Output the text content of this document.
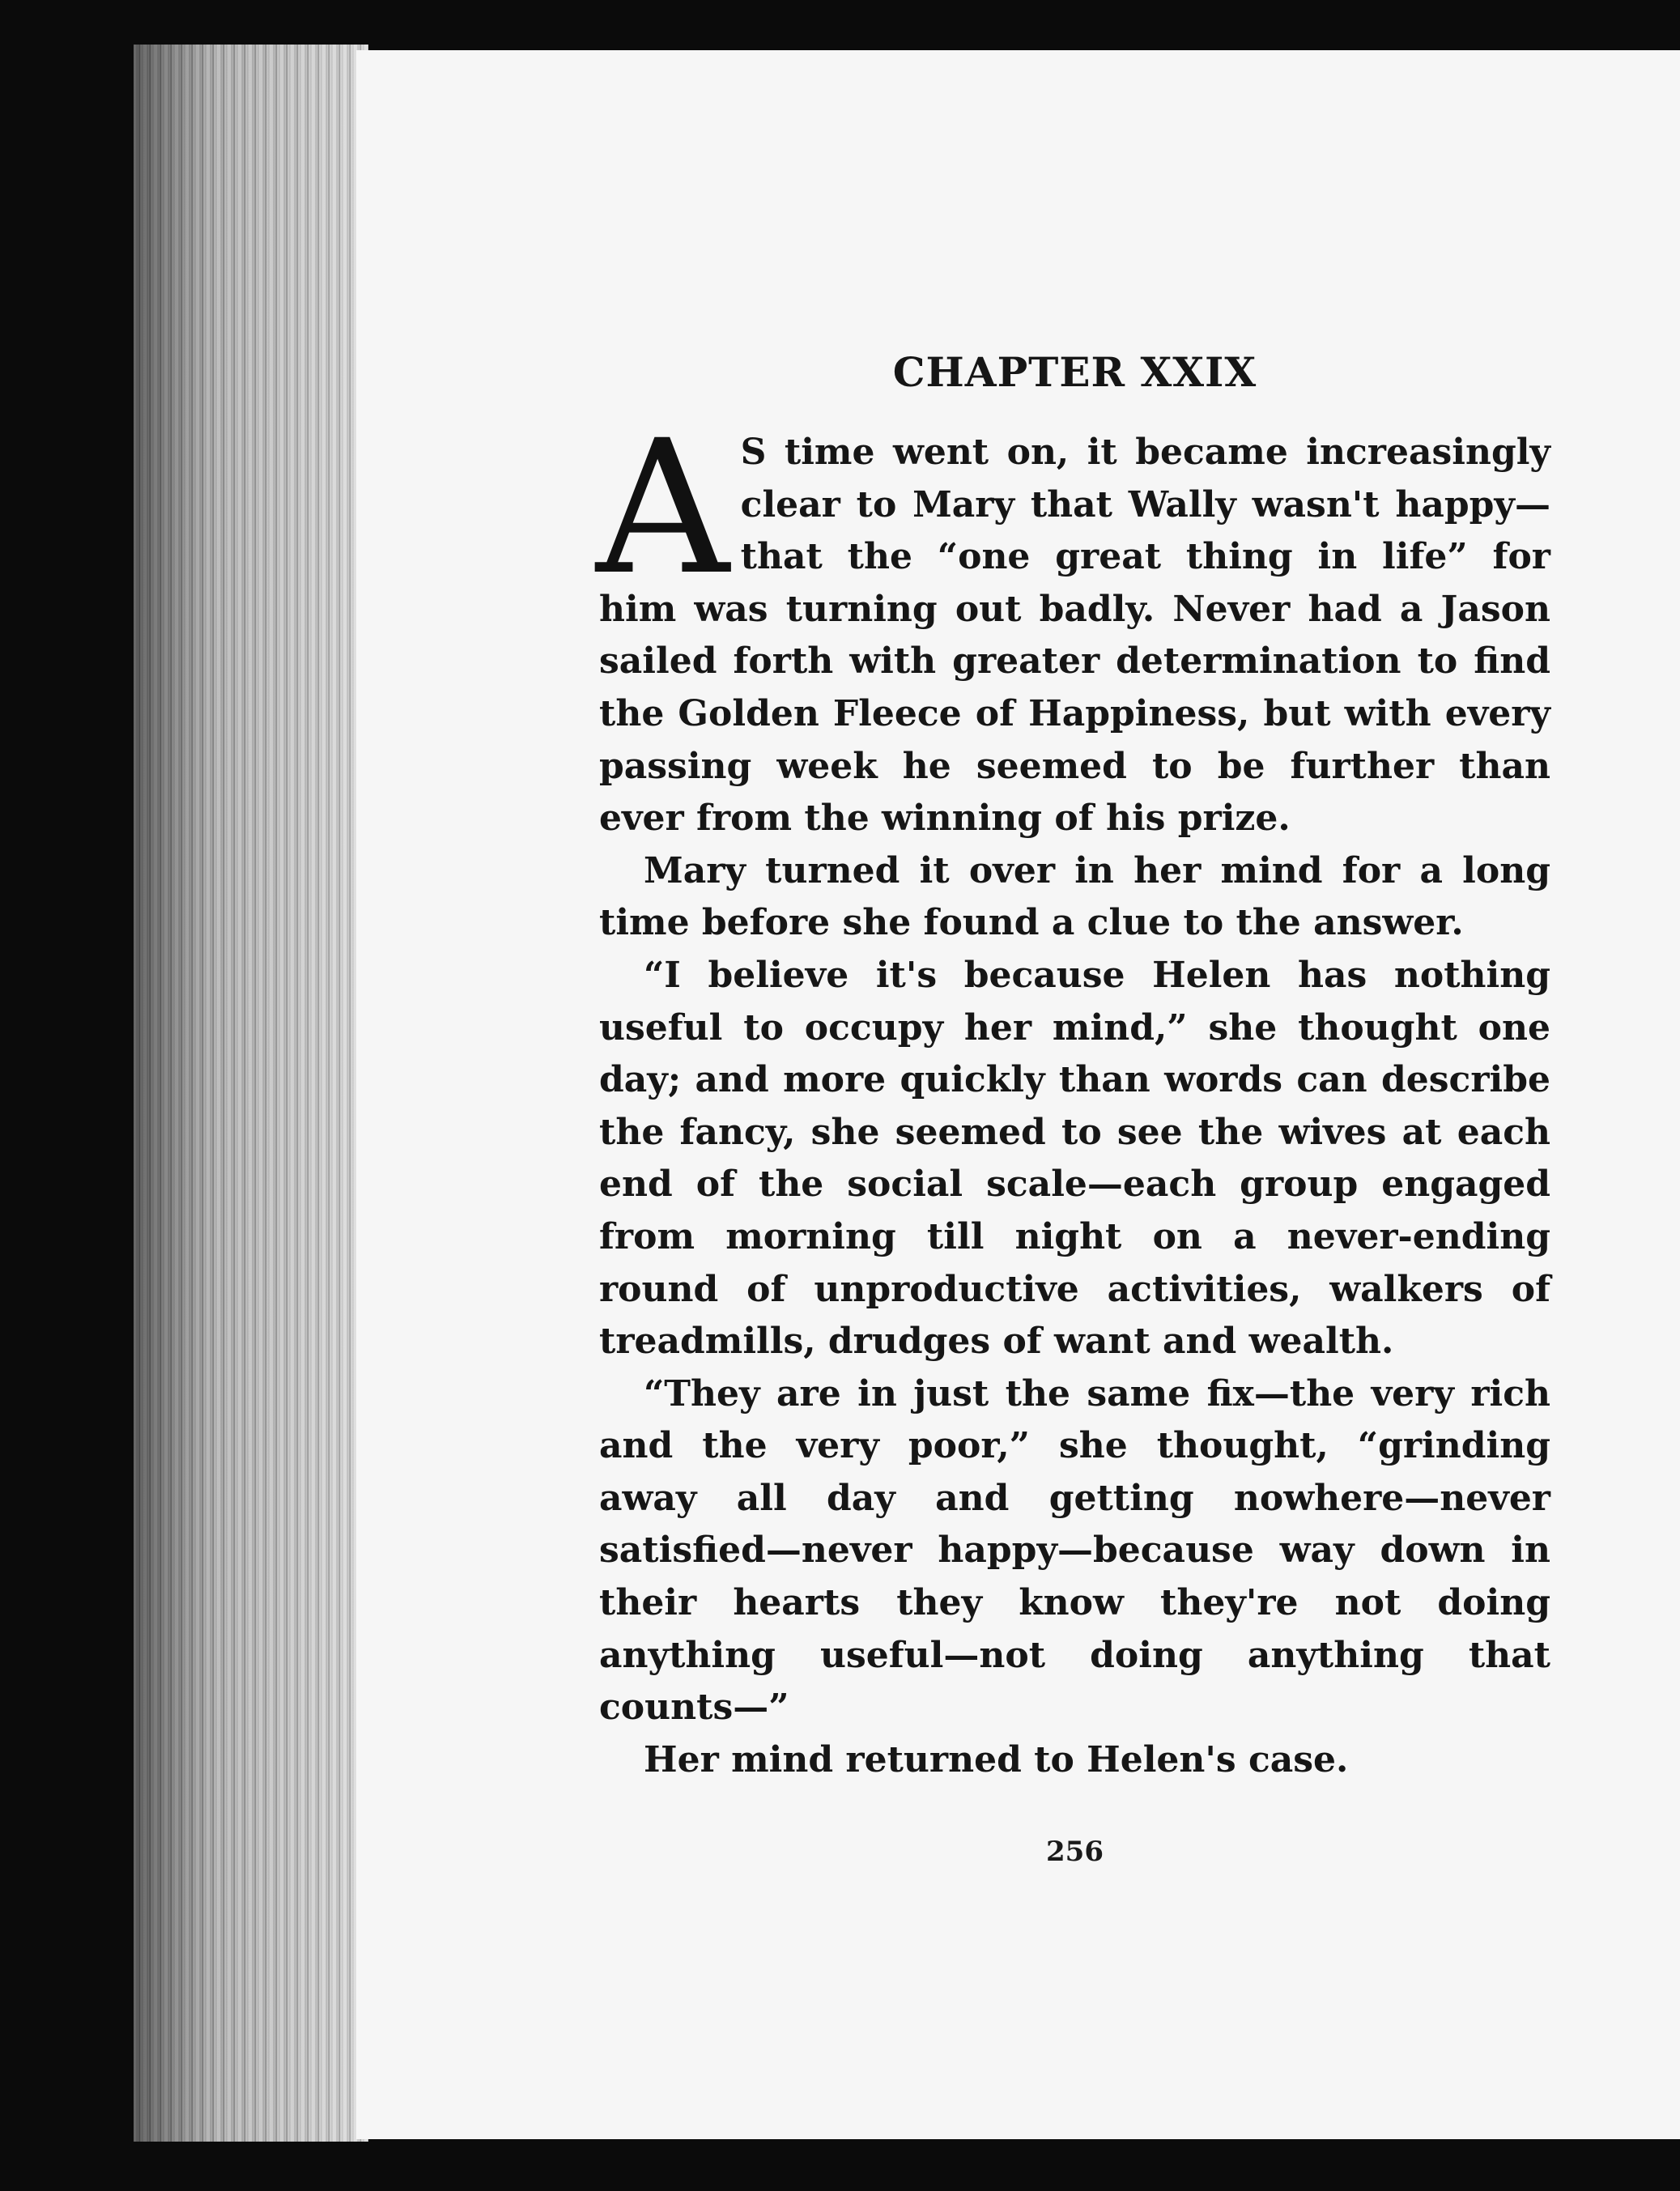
CHAPTER XXIX

A S time went on, it became increasingly clear to Mary that Wally wasn't happy—that the “one great thing in life” for him was turning out badly. Never had a Jason sailed forth with greater determination to find the Golden Fleece of Happiness, but with every passing week he seemed to be further than ever from the winning of his prize.

Mary turned it over in her mind for a long time before she found a clue to the answer.

“I believe it's because Helen has nothing useful to occupy her mind,” she thought one day; and more quickly than words can describe the fancy, she seemed to see the wives at each end of the social scale—each group engaged from morning till night on a never-ending round of unproductive activities, walkers of treadmills, drudges of want and wealth.

“They are in just the same fix—the very rich and the very poor,” she thought, “grinding away all day and getting nowhere—never satisfied—never happy—because way down in their hearts they know they're not doing anything useful—not doing anything that counts—”

Her mind returned to Helen's case.

256
